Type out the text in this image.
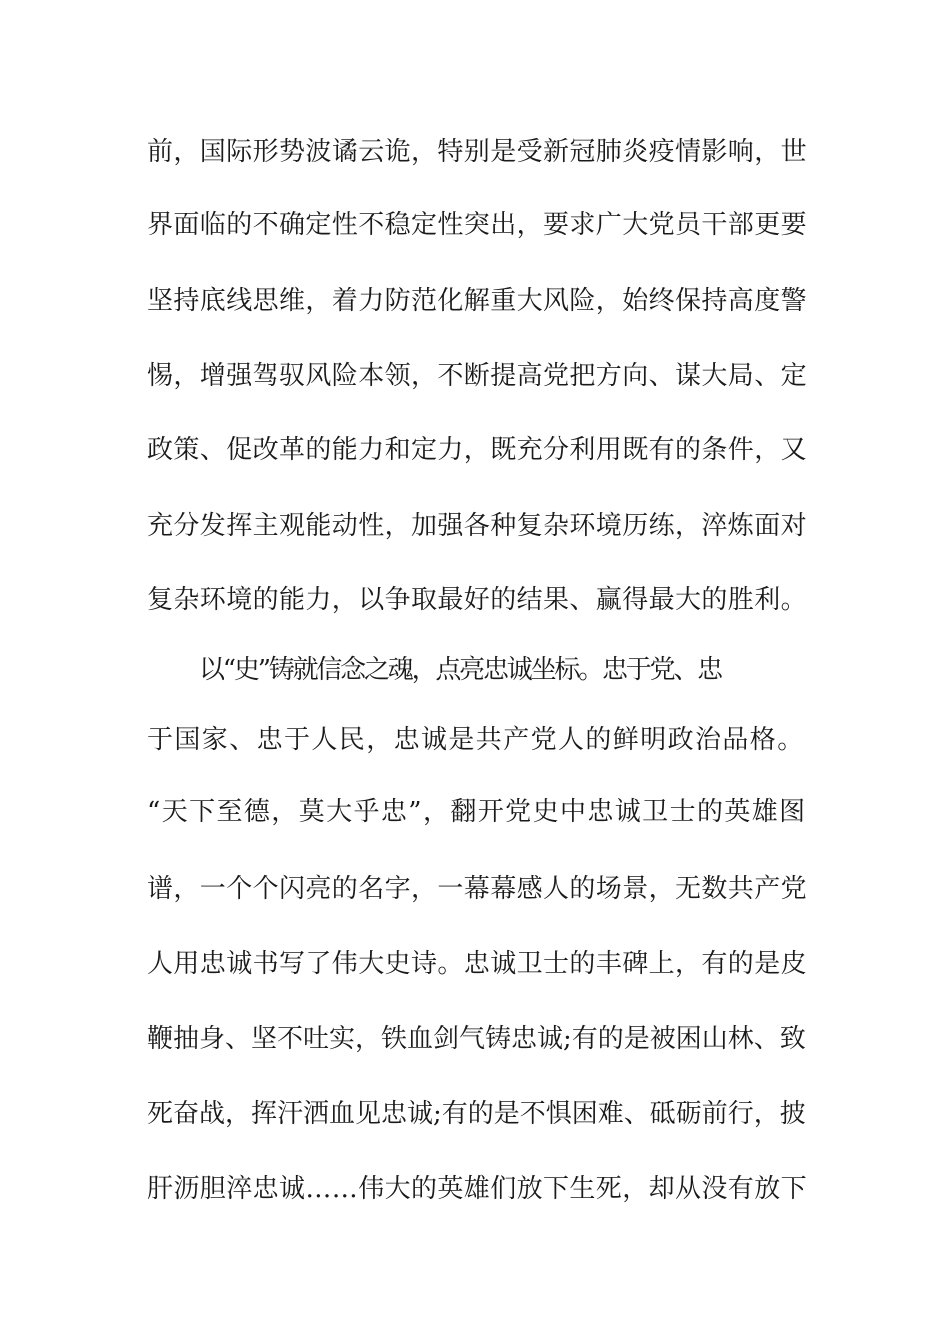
前，国际形势波谲云诡，特别是受新冠肺炎疫情影响，世
界面临的不确定性不稳定性突出，要求广大党员干部更要
坚持底线思维，着力防范化解重大风险，始终保持高度警
惕，增强驾驭风险本领，不断提高党把方向、谋大局、定
政策、促改革的能力和定力，既充分利用既有的条件，又
充分发挥主观能动性，加强各种复杂环境历练，淬炼面对
复杂环境的能力，以争取最好的结果、赢得最大的胜利。
以“史”铸就信念之魂，点亮忠诚坐标。忠于党、忠
于国家、忠于人民，忠诚是共产党人的鲜明政治品格。
“天下至德，莫大乎忠”，翻开党史中忠诚卫士的英雄图
谱，一个个闪亮的名字，一幕幕感人的场景，无数共产党
人用忠诚书写了伟大史诗。忠诚卫士的丰碑上，有的是皮
鞭抽身、坚不吐实，铁血剑气铸忠诚;有的是被困山林、致
死奋战，挥汗洒血见忠诚;有的是不惧困难、砥砺前行，披
肝沥胆淬忠诚……伟大的英雄们放下生死，却从没有放下
